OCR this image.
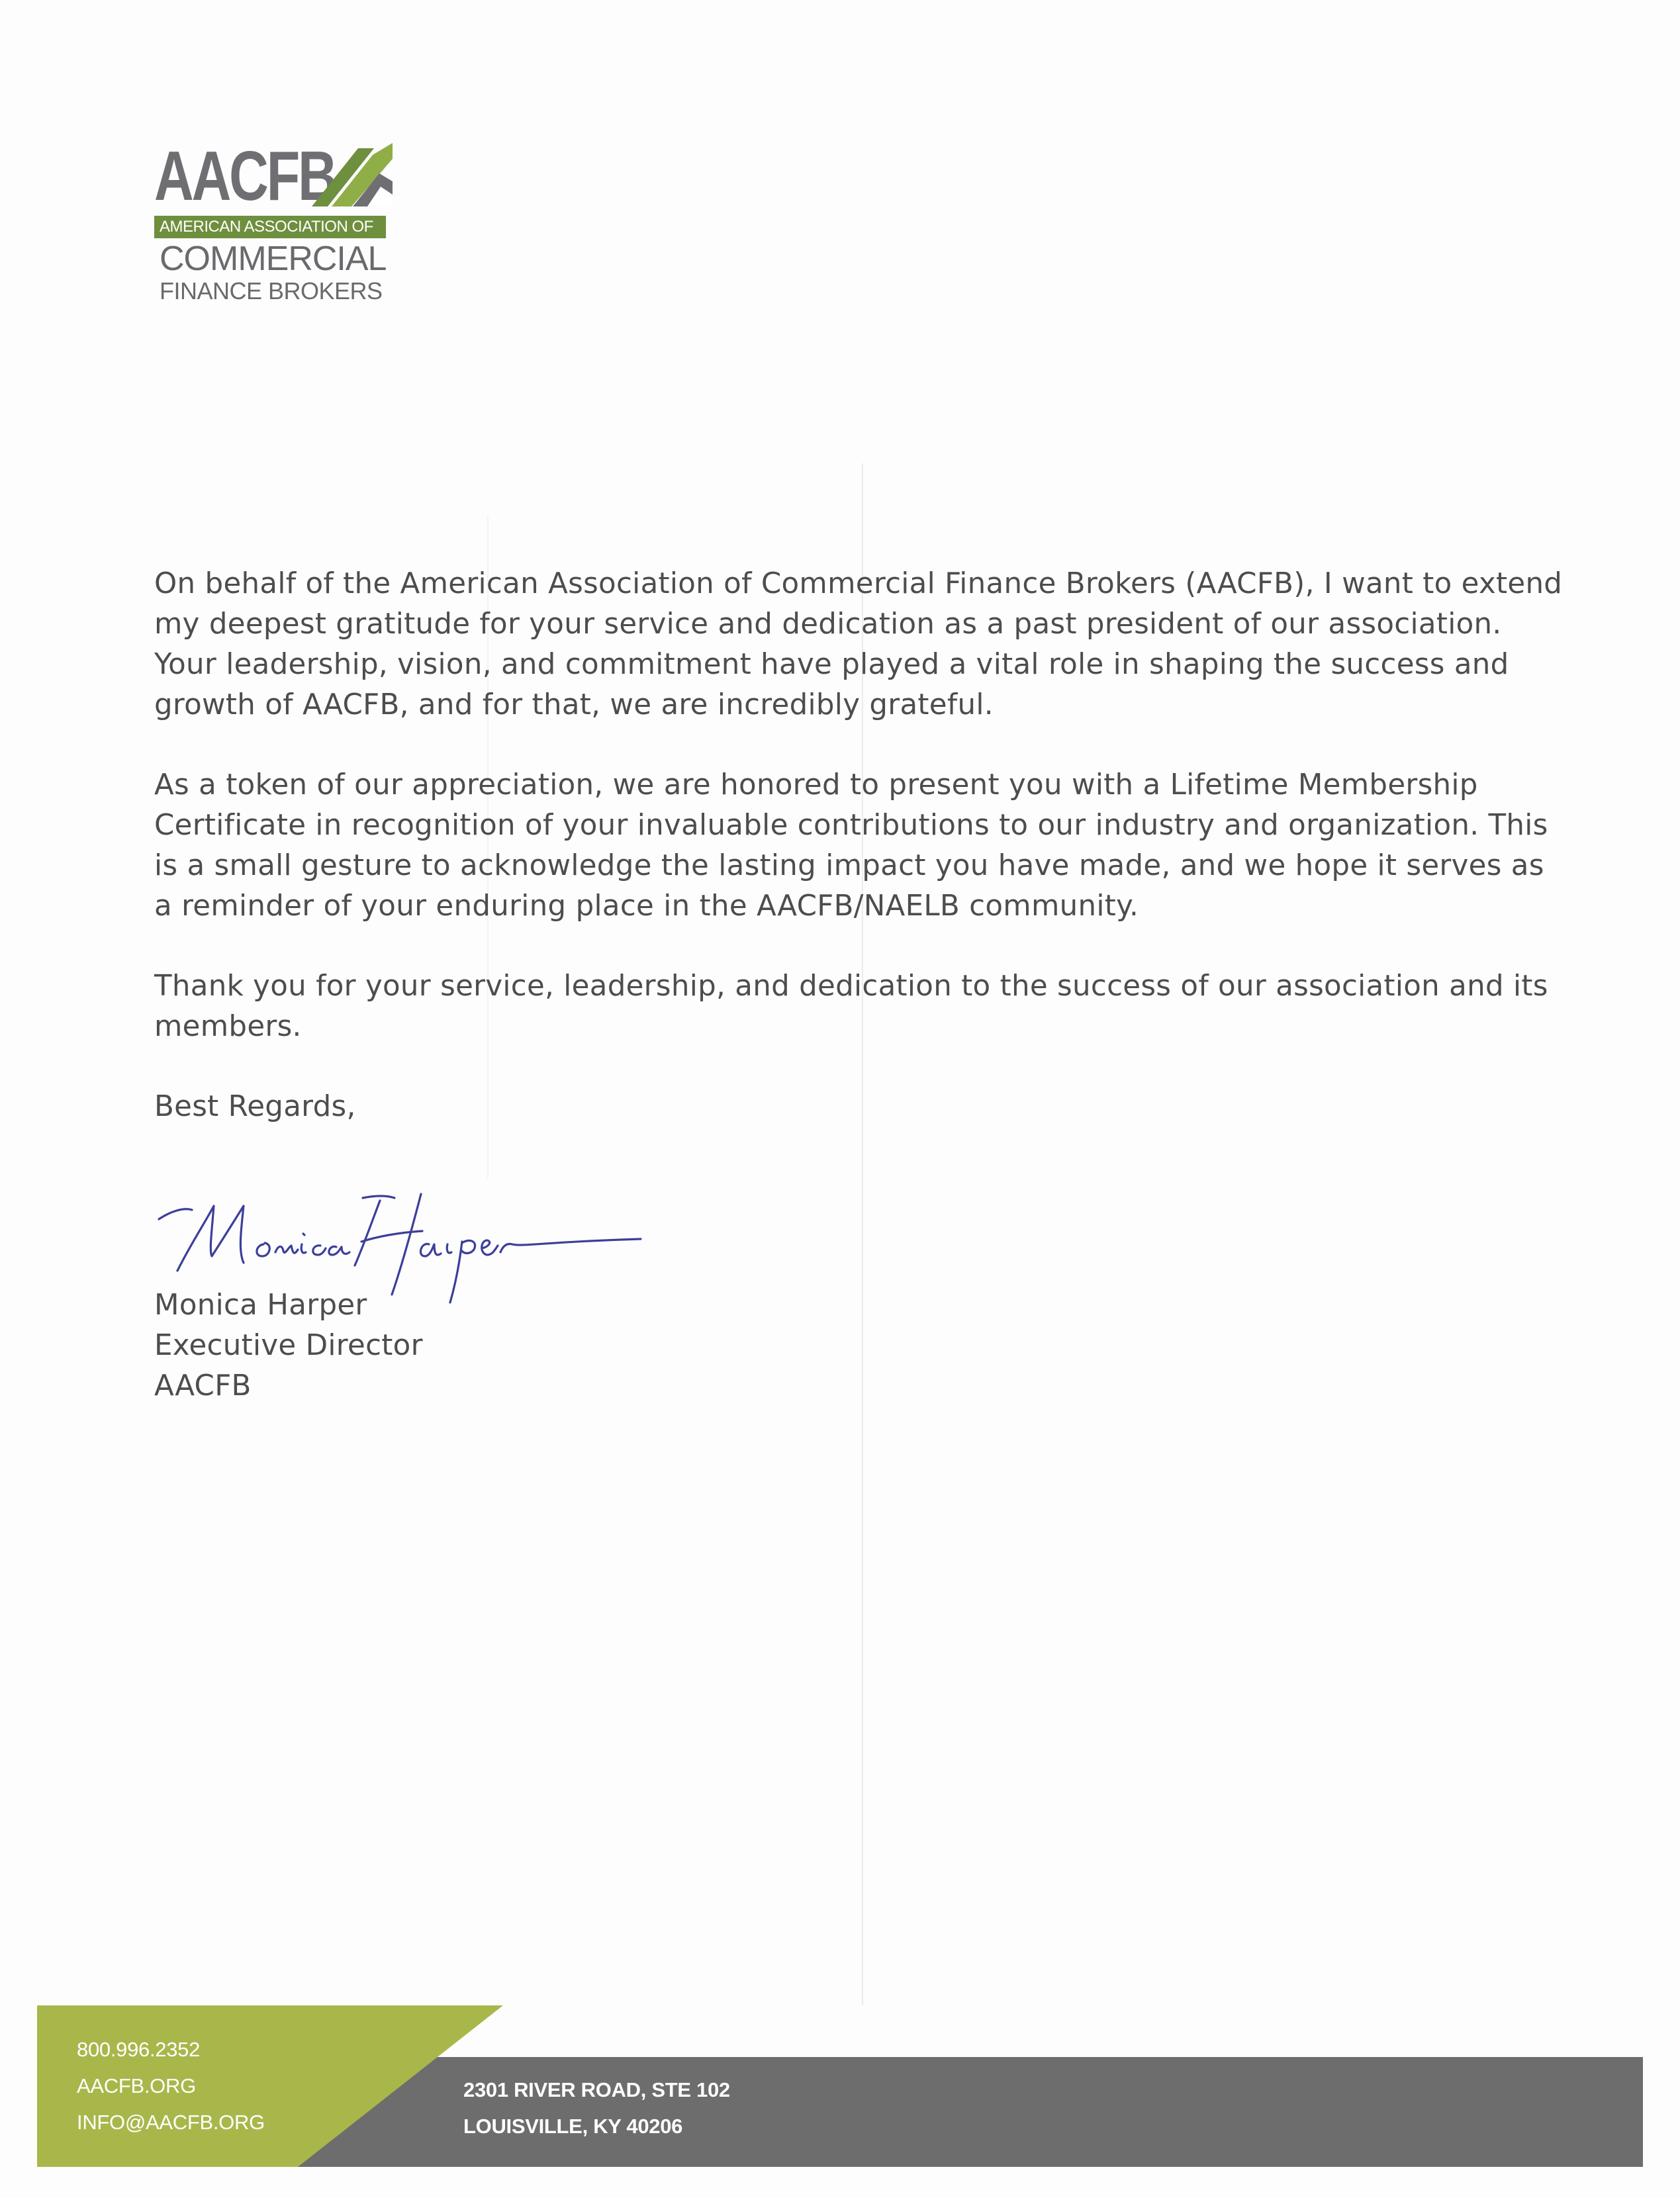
AACFB
AMERICAN ASSOCIATION OF
COMMERCIAL
FINANCE BROKERS

On behalf of the American Association of Commercial Finance Brokers (AACFB), I want to extend my deepest gratitude for your service and dedication as a past president of our association. Your leadership, vision, and commitment have played a vital role in shaping the success and growth of AACFB, and for that, we are incredibly grateful.

As a token of our appreciation, we are honored to present you with a Lifetime Membership Certificate in recognition of your invaluable contributions to our industry and organization. This is a small gesture to acknowledge the lasting impact you have made, and we hope it serves as a reminder of your enduring place in the AACFB/NAELB community.

Thank you for your service, leadership, and dedication to the success of our association and its members.

Best Regards,

Monica Harper
Executive Director
AACFB
800.996.2352
AACFB.ORG
INFO@AACFB.ORG
2301 RIVER ROAD, STE 102
LOUISVILLE, KY 40206
